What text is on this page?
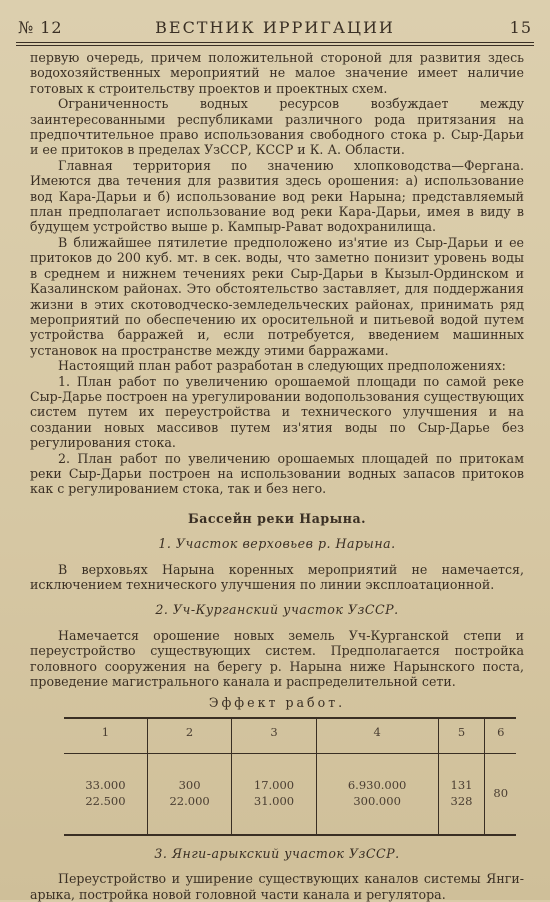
№ 12	ВЕСТНИК ИРРИГАЦИИ	15

первую очередь, причем положительной стороной для развития здесь водохозяйственных мероприятий не малое значение имеет наличие готовых к строительству проектов и проектных схем.

Ограниченность водных ресурсов возбуждает между заинтересованными республиками различного рода притязания на предпочтительное право использования свободного стока р. Сыр-Дарьи и ее притоков в пределах УзССР, КССР и К. А. Области.

Главная территория по значению хлопководства—Фергана. Имеются два течения для развития здесь орошения: а) использование вод Кара-Дарьи и б) использование вод реки Нарына; представляемый план предполагает использование вод реки Кара-Дарьи, имея в виду в будущем устройство выше р. Кампыр-Рават водохранилища.

В ближайшее пятилетие предположено из'ятие из Сыр-Дарьи и ее притоков до 200 куб. мт. в сек. воды, что заметно понизит уровень воды в среднем и нижнем течениях реки Сыр-Дарьи в Кызыл-Ординском и Казалинском районах. Это обстоятельство заставляет, для поддержания жизни в этих скотоводческо-земледельческих районах, принимать ряд мероприятий по обеспечению их оросительной и питьевой водой путем устройства барражей и, если потребуется, введением машинных установок на пространстве между этими барражами.

Настоящий план работ разработан в следующих предположениях:

1. План работ по увеличению орошаемой площади по самой реке Сыр-Дарье построен на урегулировании водопользования существующих систем путем их переустройства и технического улучшения и на создании новых массивов путем из'ятия воды по Сыр-Дарье без регулирования стока.

2. План работ по увеличению орошаемых площадей по притокам реки Сыр-Дарьи построен на использовании водных запасов притоков как с регулированием стока, так и без него.

Бассейн реки Нарына.
1. Участок верховьев р. Нарына.

В верховьях Нарына коренных мероприятий не намечается, исключением технического улучшения по линии эксплоатационной.

2. Уч-Курганский участок УзССР.

Намечается орошение новых земель Уч-Курганской степи и переустройство существующих систем. Предполагается постройка головного сооружения на берегу р. Нарына ниже Нарынского поста, проведение магистрального канала и распределительной сети.

Эффект работ.
1	2	3	4	5	6

33.000	300	17.000	6.930.000	131	80
22.500	22.000	31.000	300.000	328	

3. Янги-арыкский участок УзССР.

Переустройство и уширение существующих каналов системы Янги-арыка, постройка новой головной части канала и регулятора.
